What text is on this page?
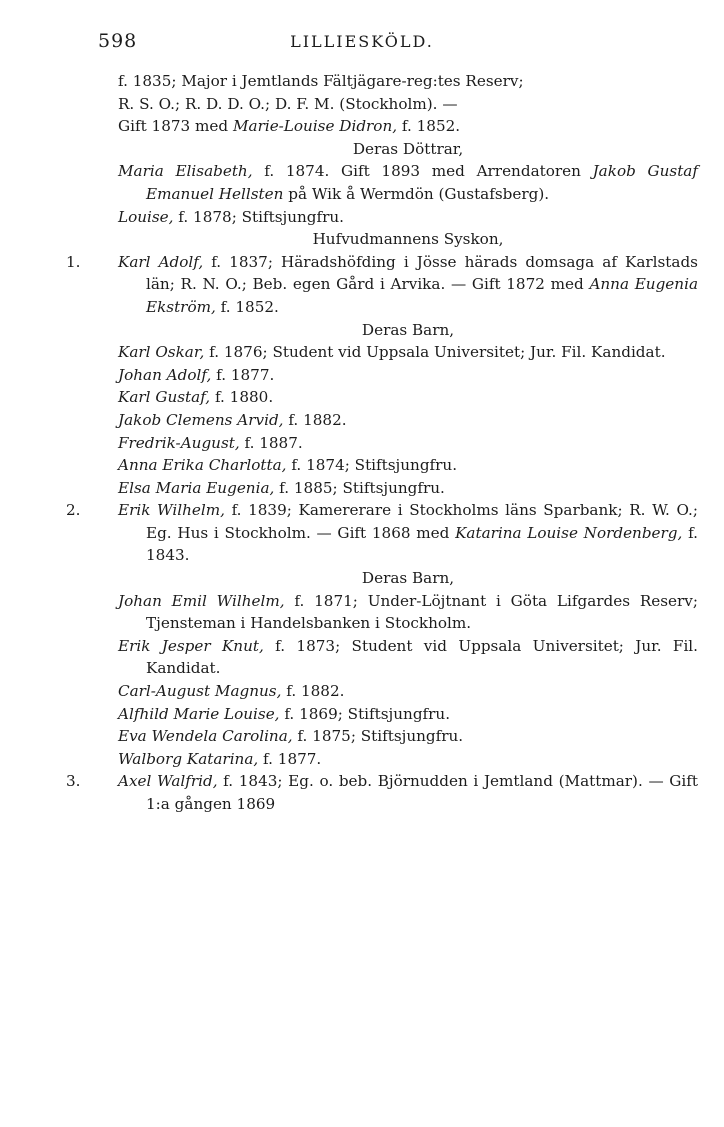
598	LILLIESKÖLD.
f. 1835; Major i Jemtlands Fältjägare-reg:tes Reserv;
R. S. O.; R. D. D. O.; D. F. M. (Stockholm). —
Gift 1873 med Marie-Louise Didron, f. 1852.
Deras Döttrar,
Maria Elisabeth, f. 1874. Gift 1893 med Arrendatoren Jakob Gustaf Emanuel Hellsten på Wik å Wermdön (Gustafsberg).
Louise, f. 1878; Stiftsjungfru.
Hufvudmannens Syskon,
1.	Karl Adolf, f. 1837; Häradshöfding i Jösse härads domsaga af Karlstads län; R. N. O.; Beb. egen Gård i Arvika. — Gift 1872 med Anna Eugenia Ekström, f. 1852.
Deras Barn,
Karl Oskar, f. 1876; Student vid Uppsala Universitet; Jur. Fil. Kandidat.
Johan Adolf, f. 1877.
Karl Gustaf, f. 1880.
Jakob Clemens Arvid, f. 1882.
Fredrik-August, f. 1887.
Anna Erika Charlotta, f. 1874; Stiftsjungfru.
Elsa Maria Eugenia, f. 1885; Stiftsjungfru.
2.	Erik Wilhelm, f. 1839; Kamererare i Stockholms läns Sparbank; R. W. O.; Eg. Hus i Stockholm. — Gift 1868 med Katarina Louise Nordenberg, f. 1843.
Deras Barn,
Johan Emil Wilhelm, f. 1871; Under-Löjtnant i Göta Lifgardes Reserv; Tjensteman i Handelsbanken i Stockholm.
Erik Jesper Knut, f. 1873; Student vid Uppsala Universitet; Jur. Fil. Kandidat.
Carl-August Magnus, f. 1882.
Alfhild Marie Louise, f. 1869; Stiftsjungfru.
Eva Wendela Carolina, f. 1875; Stiftsjungfru.
Walborg Katarina, f. 1877.
3.	Axel Walfrid, f. 1843; Eg. o. beb. Björnudden i Jemtland (Mattmar). — Gift 1:a gången 1869
